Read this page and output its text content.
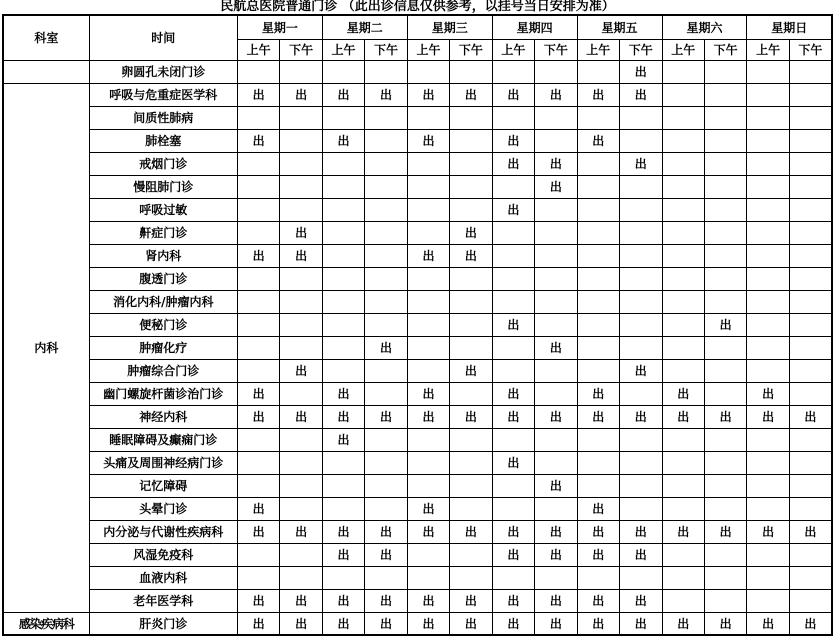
民航总医院普通门诊 （此出诊信息仅供参考，以挂号当日安排为准）
科室	时间	星期一		星期二		星期三		星期四		星期五		星期六		星期日	
		上午	下午	上午	下午	上午	下午	上午	下午	上午	下午	上午	下午	上午	下午
	卵圆孔未闭门诊										出				
内科	呼吸与危重症医学科	出	出	出	出	出	出	出	出	出	出				
	间质性肺病														
	肺栓塞	出		出		出		出		出					
	戒烟门诊							出	出		出				
	慢阻肺门诊								出						
	呼吸过敏							出							
	鼾症门诊		出				出								
	肾内科	出	出			出	出								
	腹透门诊														
	消化内科/肿瘤内科														
	便秘门诊							出					出		
	肿瘤化疗				出				出						
	肿瘤综合门诊		出				出				出				
	幽门螺旋杆菌诊治门诊	出		出		出		出		出		出		出	
	神经内科	出	出	出	出	出	出	出	出	出	出	出	出	出	出
	睡眠障碍及癫痫门诊			出											
	头痛及周围神经病门诊							出							
	记忆障碍								出						
	头晕门诊	出				出				出					
	内分泌与代谢性疾病科	出	出	出	出	出	出	出	出	出	出	出	出	出	出
	风湿免疫科			出	出			出	出	出	出				
	血液内科														
	老年医学科	出	出	出	出	出	出	出	出	出	出				
感染疾病科	肝炎门诊	出	出	出	出	出	出	出	出	出	出	出	出	出	出
